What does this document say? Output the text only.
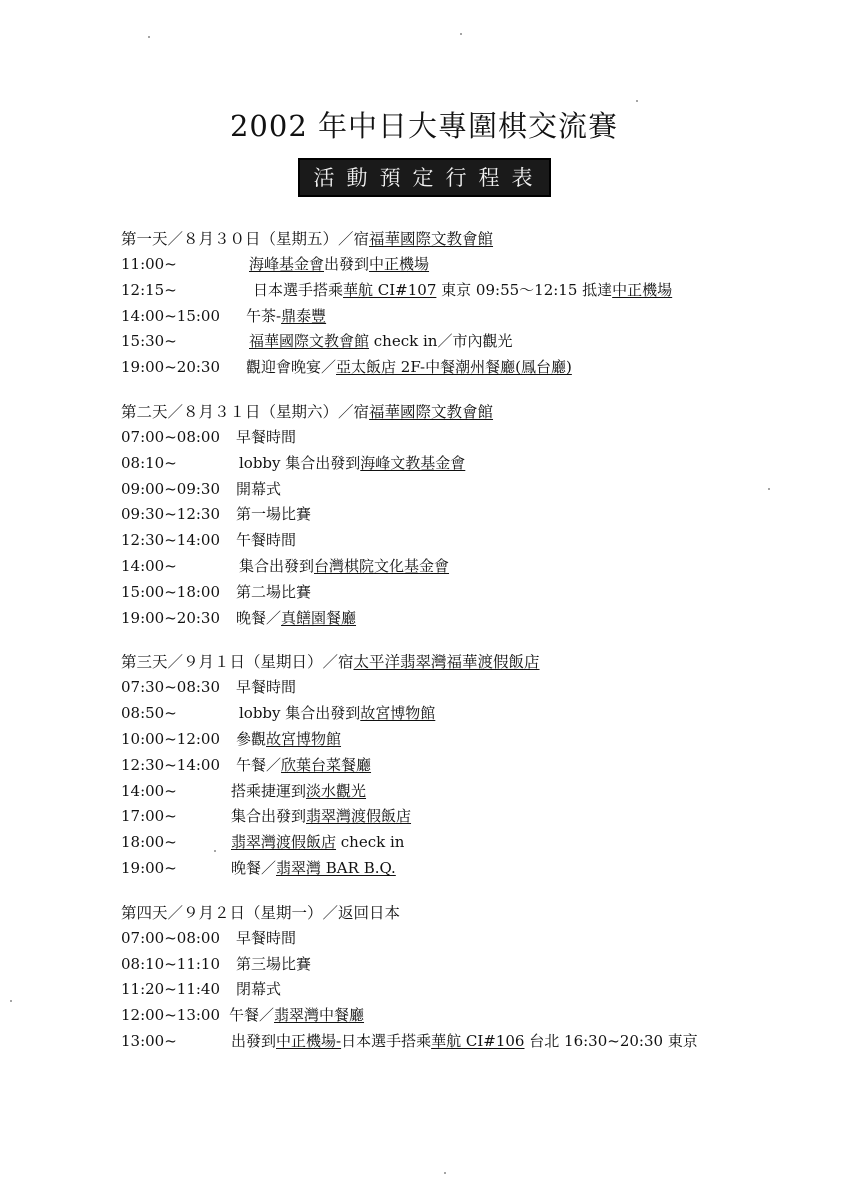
2002 年中日大專圍棋交流賽
活動預定行程表
第一天／８月３０日（星期五）／宿福華國際文教會館
11:00~	海峰基金會出發到中正機場
12:15~	日本選手搭乘華航 CI#107 東京 09:55～12:15 抵達中正機場
14:00~15:00	午茶-鼎泰豐
15:30~	福華國際文教會館 check in／市內觀光
19:00~20:30	觀迎會晚宴／亞太飯店 2F-中餐潮州餐廳(鳳台廳)
第二天／８月３１日（星期六）／宿福華國際文教會館
07:00~08:00	早餐時間
08:10~	lobby 集合出發到海峰文教基金會
09:00~09:30	開幕式
09:30~12:30	第一場比賽
12:30~14:00	午餐時間
14:00~	集合出發到台灣棋院文化基金會
15:00~18:00	第二場比賽
19:00~20:30	晚餐／真饍園餐廳
第三天／９月１日（星期日）／宿太平洋翡翠灣福華渡假飯店
07:30~08:30	早餐時間
08:50~	lobby 集合出發到故宮博物館
10:00~12:00	參觀故宮博物館
12:30~14:00	午餐／欣葉台菜餐廳
14:00~	搭乘捷運到淡水觀光
17:00~	集合出發到翡翠灣渡假飯店
18:00~	翡翠灣渡假飯店 check in
19:00~	晚餐／翡翠灣 BAR B.Q.
第四天／９月２日（星期一）／返回日本
07:00~08:00	早餐時間
08:10~11:10	第三場比賽
11:20~11:40	閉幕式
12:00~13:00 午餐／翡翠灣中餐廳
13:00~	出發到中正機場-日本選手搭乘華航 CI#106 台北 16:30~20:30 東京
